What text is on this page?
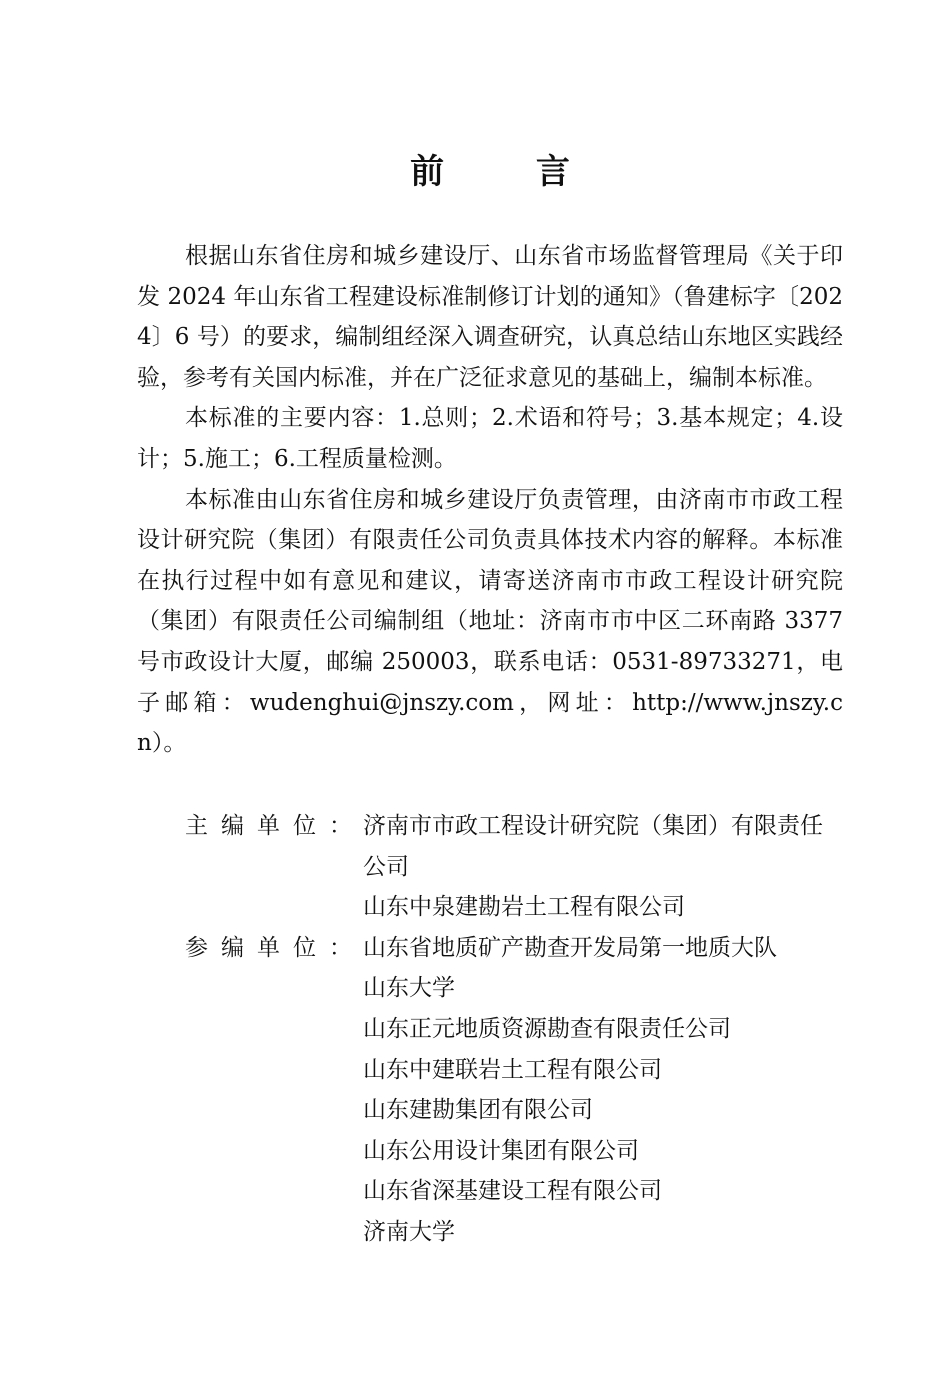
前 言

根据山东省住房和城乡建设厅、山东省市场监督管理局《关于印发 2024 年山东省工程建设标准制修订计划的通知》（鲁建标字〔2024〕6 号）的要求，编制组经深入调查研究，认真总结山东地区实践经验，参考有关国内标准，并在广泛征求意见的基础上，编制本标准。

本标准的主要内容：1.总则；2.术语和符号；3.基本规定；4.设计；5.施工；6.工程质量检测。

本标准由山东省住房和城乡建设厅负责管理，由济南市市政工程设计研究院（集团）有限责任公司负责具体技术内容的解释。本标准在执行过程中如有意见和建议，请寄送济南市市政工程设计研究院（集团）有限责任公司编制组（地址：济南市市中区二环南路 3377 号市政设计大厦，邮编 250003，联系电话：0531-89733271，电子邮箱：wudenghui@jnszy.com，网址：http://www.jnszy.cn）。

主编单位：
济南市市政工程设计研究院（集团）有限责任公司
山东中泉建勘岩土工程有限公司
参编单位：
山东省地质矿产勘查开发局第一地质大队
山东大学
山东正元地质资源勘查有限责任公司
山东中建联岩土工程有限公司
山东建勘集团有限公司
山东公用设计集团有限公司
山东省深基建设工程有限公司
济南大学
